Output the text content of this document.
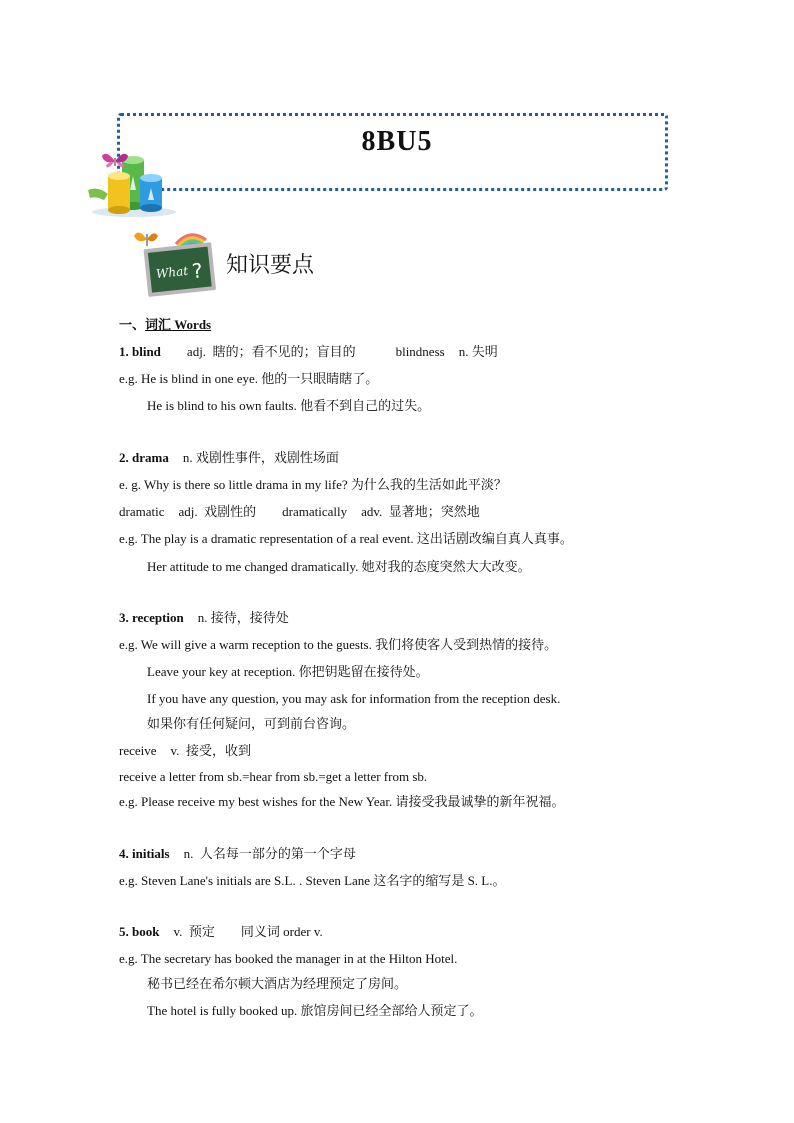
8BU5
What ? 知识要点
一、词汇 Words
1. blind adj. 瞎的；看不见的；盲目的	blindness n. 失明
e.g. He is blind in one eye. 他的一只眼睛瞎了。
He is blind to his own faults. 他看不到自己的过失。
2. drama n. 戏剧性事件，戏剧性场面
e. g. Why is there so little drama in my life? 为什么我的生活如此平淡？
dramatic adj. 戏剧性的 dramatically adv. 显著地；突然地
e.g. The play is a dramatic representation of a real event. 这出话剧改编自真人真事。
Her attitude to me changed dramatically. 她对我的态度突然大大改变。
3. reception n. 接待，接待处
e.g. We will give a warm reception to the guests. 我们将使客人受到热情的接待。
Leave your key at reception. 你把钥匙留在接待处。
If you have any question, you may ask for information from the reception desk.
如果你有任何疑问，可到前台咨询。
receive v. 接受，收到
receive a letter from sb.=hear from sb.=get a letter from sb.
e.g. Please receive my best wishes for the New Year. 请接受我最诚挚的新年祝福。
4. initials n. 人名每一部分的第一个字母
e.g. Steven Lane's initials are S.L. . Steven Lane 这名字的缩写是 S. L.。
5. book v. 预定 同义词 order v.
e.g. The secretary has booked the manager in at the Hilton Hotel.
秘书已经在希尔顿大酒店为经理预定了房间。
The hotel is fully booked up. 旅馆房间已经全部给人预定了。
